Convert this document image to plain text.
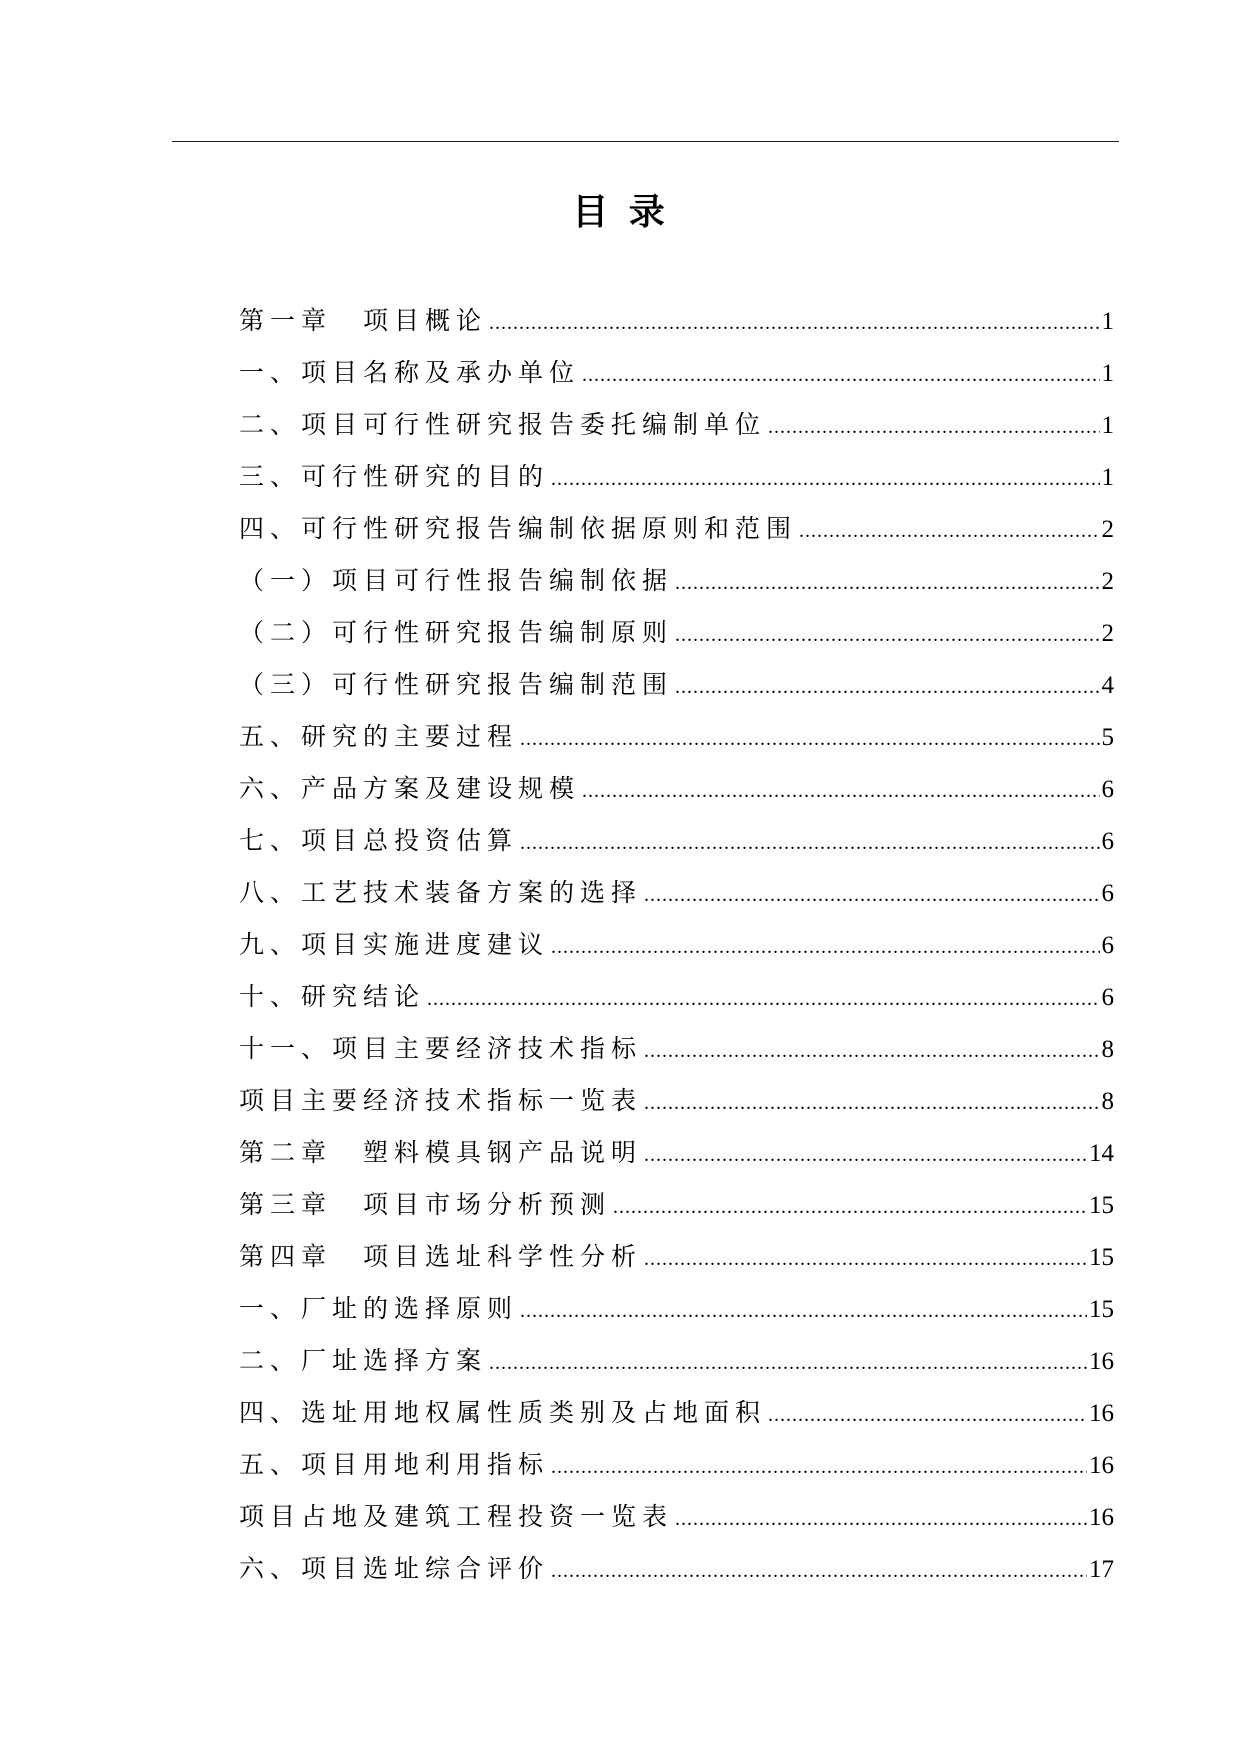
目 录
第一章　项目概论 .....	1
一、项目名称及承办单位 .....	1
二、项目可行性研究报告委托编制单位 .....	1
三、可行性研究的目的 .....	1
四、可行性研究报告编制依据原则和范围 .....	2
（一）项目可行性报告编制依据 .....	2
（二）可行性研究报告编制原则 .....	2
（三）可行性研究报告编制范围 .....	4
五、研究的主要过程 .....	5
六、产品方案及建设规模 .....	6
七、项目总投资估算 .....	6
八、工艺技术装备方案的选择 .....	6
九、项目实施进度建议 .....	6
十、研究结论 .....	6
十一、项目主要经济技术指标 .....	8
项目主要经济技术指标一览表 .....	8
第二章　塑料模具钢产品说明 .....	14
第三章　项目市场分析预测 .....	15
第四章　项目选址科学性分析 .....	15
一、厂址的选择原则 .....	15
二、厂址选择方案 .....	16
四、选址用地权属性质类别及占地面积 .....	16
五、项目用地利用指标 .....	16
项目占地及建筑工程投资一览表 .....	16
六、项目选址综合评价 .....	17
